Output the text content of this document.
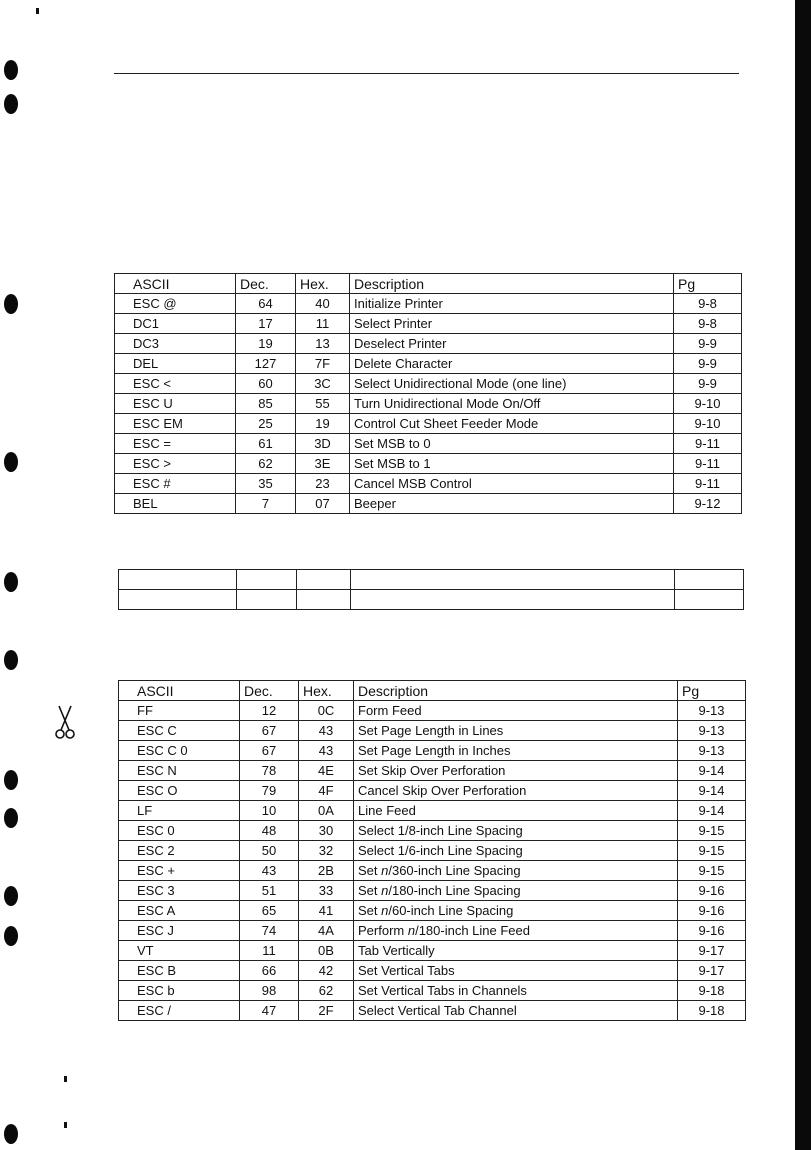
ASCII	Dec.	Hex.	Description	Pg
ESC @	64	40	Initialize Printer	9-8
DC1	17	11	Select Printer	9-8
DC3	19	13	Deselect Printer	9-9
DEL	127	7F	Delete Character	9-9
ESC <	60	3C	Select Unidirectional Mode (one line)	9-9
ESC U	85	55	Turn Unidirectional Mode On/Off	9-10
ESC EM	25	19	Control Cut Sheet Feeder Mode	9-10
ESC =	61	3D	Set MSB to 0	9-11
ESC >	62	3E	Set MSB to 1	9-11
ESC #	35	23	Cancel MSB Control	9-11
BEL	7	07	Beeper	9-12

ASCII	Dec.	Hex.	Description	Pg
FF	12	0C	Form Feed	9-13
ESC C	67	43	Set Page Length in Lines	9-13
ESC C 0	67	43	Set Page Length in Inches	9-13
ESC N	78	4E	Set Skip Over Perforation	9-14
ESC O	79	4F	Cancel Skip Over Perforation	9-14
LF	10	0A	Line Feed	9-14
ESC 0	48	30	Select 1/8-inch Line Spacing	9-15
ESC 2	50	32	Select 1/6-inch Line Spacing	9-15
ESC +	43	2B	Set n/360-inch Line Spacing	9-15
ESC 3	51	33	Set n/180-inch Line Spacing	9-16
ESC A	65	41	Set n/60-inch Line Spacing	9-16
ESC J	74	4A	Perform n/180-inch Line Feed	9-16
VT	11	0B	Tab Vertically	9-17
ESC B	66	42	Set Vertical Tabs	9-17
ESC b	98	62	Set Vertical Tabs in Channels	9-18
ESC /	47	2F	Select Vertical Tab Channel	9-18
